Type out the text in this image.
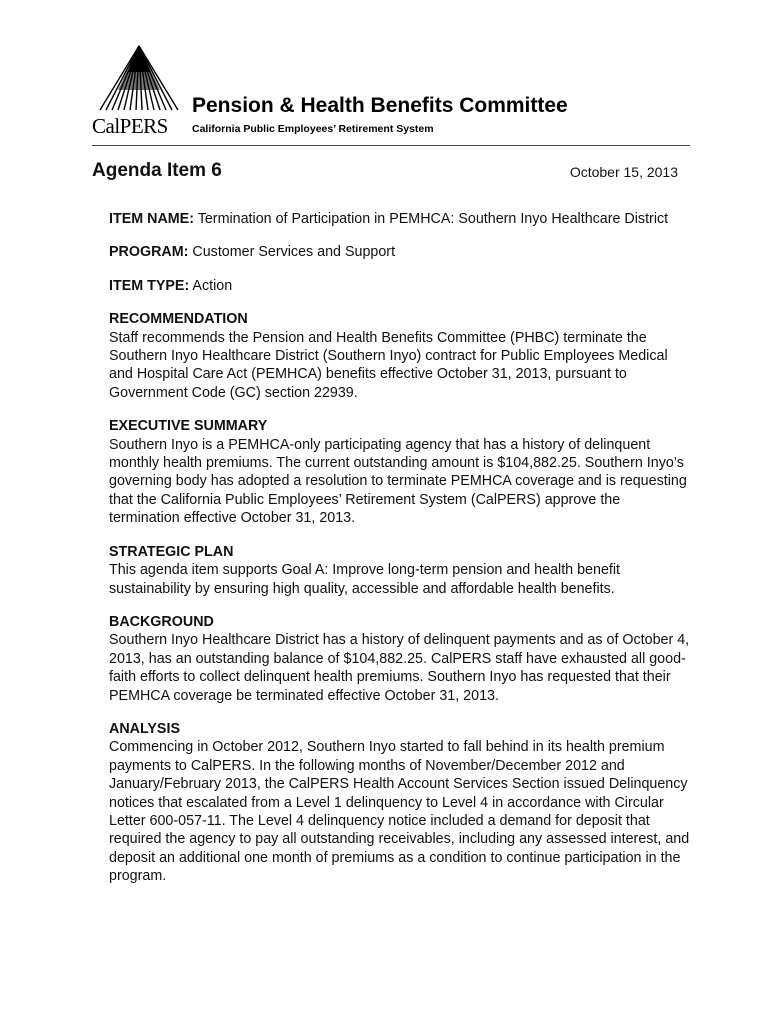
CalPERS
Pension & Health Benefits Committee
California Public Employees’ Retirement System
Agenda Item 6	October 15, 2013
ITEM NAME: Termination of Participation in PEMHCA: Southern Inyo Healthcare District
PROGRAM: Customer Services and Support
ITEM TYPE: Action
RECOMMENDATION

Staff recommends the Pension and Health Benefits Committee (PHBC) terminate the Southern Inyo Healthcare District (Southern Inyo) contract for Public Employees Medical and Hospital Care Act (PEMHCA) benefits effective October 31, 2013, pursuant to Government Code (GC) section 22939.

EXECUTIVE SUMMARY

Southern Inyo is a PEMHCA-only participating agency that has a history of delinquent monthly health premiums. The current outstanding amount is $104,882.25. Southern Inyo’s governing body has adopted a resolution to terminate PEMHCA coverage and is requesting that the California Public Employees’ Retirement System (CalPERS) approve the termination effective October 31, 2013.

STRATEGIC PLAN

This agenda item supports Goal A: Improve long-term pension and health benefit sustainability by ensuring high quality, accessible and affordable health benefits.

BACKGROUND

Southern Inyo Healthcare District has a history of delinquent payments and as of October 4, 2013, has an outstanding balance of $104,882.25. CalPERS staff have exhausted all good-faith efforts to collect delinquent health premiums. Southern Inyo has requested that their PEMHCA coverage be terminated effective October 31, 2013.

ANALYSIS

Commencing in October 2012, Southern Inyo started to fall behind in its health premium payments to CalPERS. In the following months of November/December 2012 and January/February 2013, the CalPERS Health Account Services Section issued Delinquency notices that escalated from a Level 1 delinquency to Level 4 in accordance with Circular Letter 600-057-11. The Level 4 delinquency notice included a demand for deposit that required the agency to pay all outstanding receivables, including any assessed interest, and deposit an additional one month of premiums as a condition to continue participation in the program.
